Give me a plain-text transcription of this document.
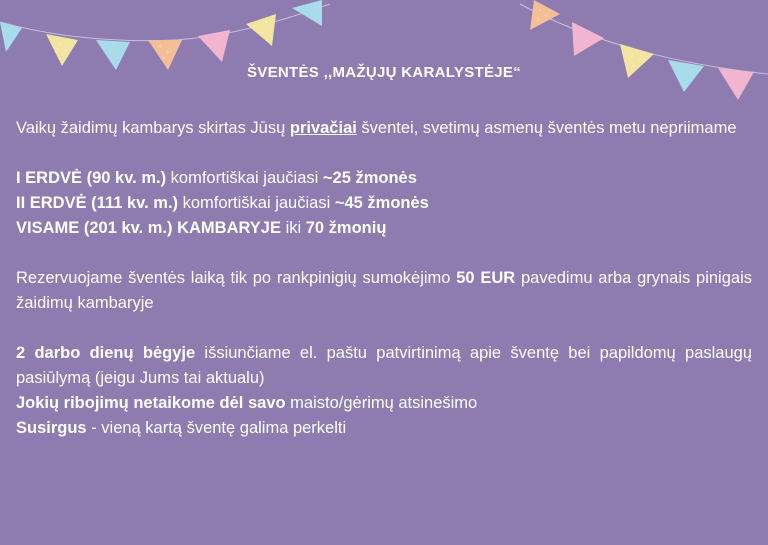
ŠVENTĖS ,,MAŽŲJŲ KARALYSTĖJE“

Vaikų žaidimų kambarys skirtas Jūsų privačiai šventei, svetimų asmenų šventės metu nepriimame

I ERDVĖ (90 kv. m.) komfortiškai jaučiasi ~25 žmonės

II ERDVĖ (111 kv. m.) komfortiškai jaučiasi ~45 žmonės

VISAME (201 kv. m.) KAMBARYJE iki 70 žmonių

Rezervuojame šventės laiką tik po rankpinigių sumokėjimo 50 EUR pavedimu arba grynais pinigais žaidimų kambaryje

2 darbo dienų bėgyje išsiunčiame el. paštu patvirtinimą apie šventę bei papildomų paslaugų pasiūlymą (jeigu Jums tai aktualu)

Jokių ribojimų netaikome dėl savo maisto/gėrimų atsinešimo

Susirgus - vieną kartą šventę galima perkelti
